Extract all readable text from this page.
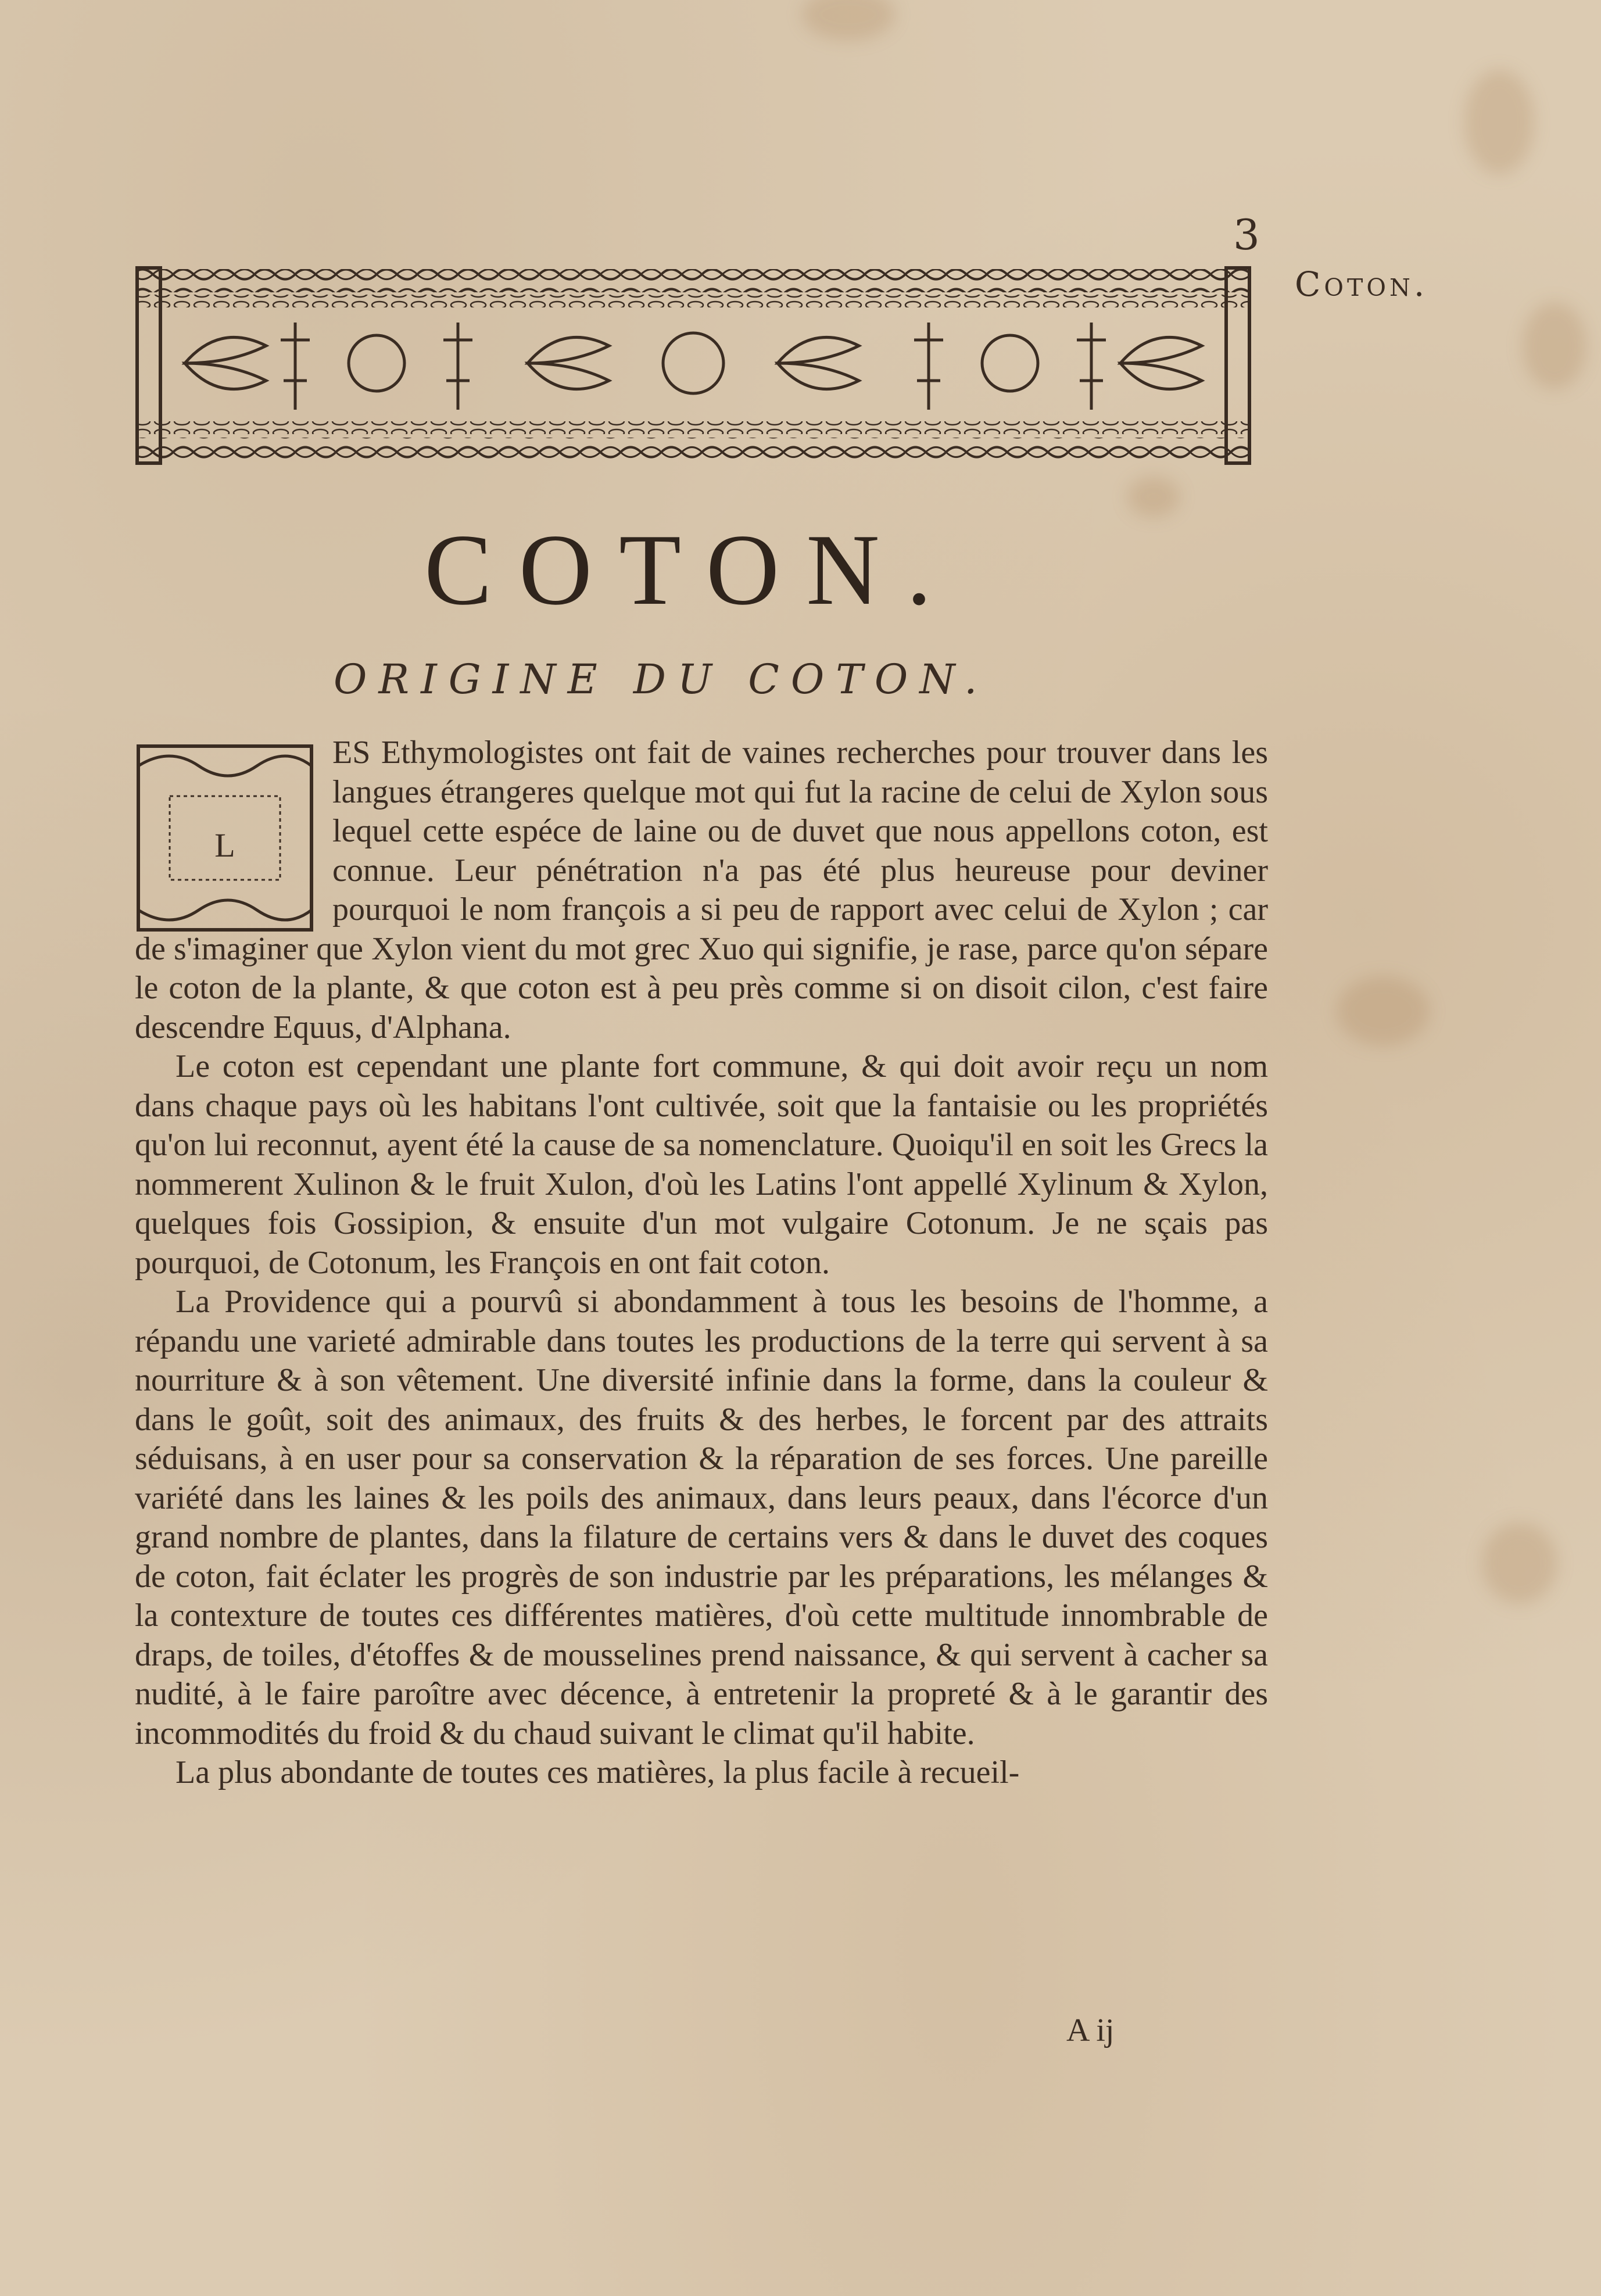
3
Coton.
COTON.
ORIGINE DU COTON.
L

ES Ethymologistes ont fait de vaines recherches pour trouver dans les langues étrangeres quelque mot qui fut la racine de celui de Xylon sous lequel cette espéce de laine ou de duvet que nous appellons coton, est connue. Leur pénétration n'a pas été plus heureuse pour deviner pourquoi le nom françois a si peu de rapport avec celui de Xylon ; car de s'imaginer que Xylon vient du mot grec Xuo qui signifie, je rase, parce qu'on sépare le coton de la plante, & que coton est à peu près comme si on disoit cilon, c'est faire descendre Equus, d'Alphana.

Le coton est cependant une plante fort commune, & qui doit avoir reçu un nom dans chaque pays où les habitans l'ont cultivée, soit que la fantaisie ou les propriétés qu'on lui reconnut, ayent été la cause de sa nomenclature. Quoiqu'il en soit les Grecs la nommerent Xulinon & le fruit Xulon, d'où les Latins l'ont appellé Xylinum & Xylon, quelques fois Gossipion, & ensuite d'un mot vulgaire Cotonum. Je ne sçais pas pourquoi, de Cotonum, les François en ont fait coton.

La Providence qui a pourvû si abondamment à tous les besoins de l'homme, a répandu une varieté admirable dans toutes les productions de la terre qui servent à sa nourriture & à son vêtement. Une diversité infinie dans la forme, dans la couleur & dans le goût, soit des animaux, des fruits & des herbes, le forcent par des attraits séduisans, à en user pour sa conservation & la réparation de ses forces. Une pareille variété dans les laines & les poils des animaux, dans leurs peaux, dans l'écorce d'un grand nombre de plantes, dans la filature de certains vers & dans le duvet des coques de coton, fait éclater les progrès de son industrie par les préparations, les mélanges & la contexture de toutes ces différentes matières, d'où cette multitude innombrable de draps, de toiles, d'étoffes & de mousselines prend naissance, & qui servent à cacher sa nudité, à le faire paroître avec décence, à entretenir la propreté & à le garantir des incommodités du froid & du chaud suivant le climat qu'il habite.

La plus abondante de toutes ces matières, la plus facile à recueil-

A ij
